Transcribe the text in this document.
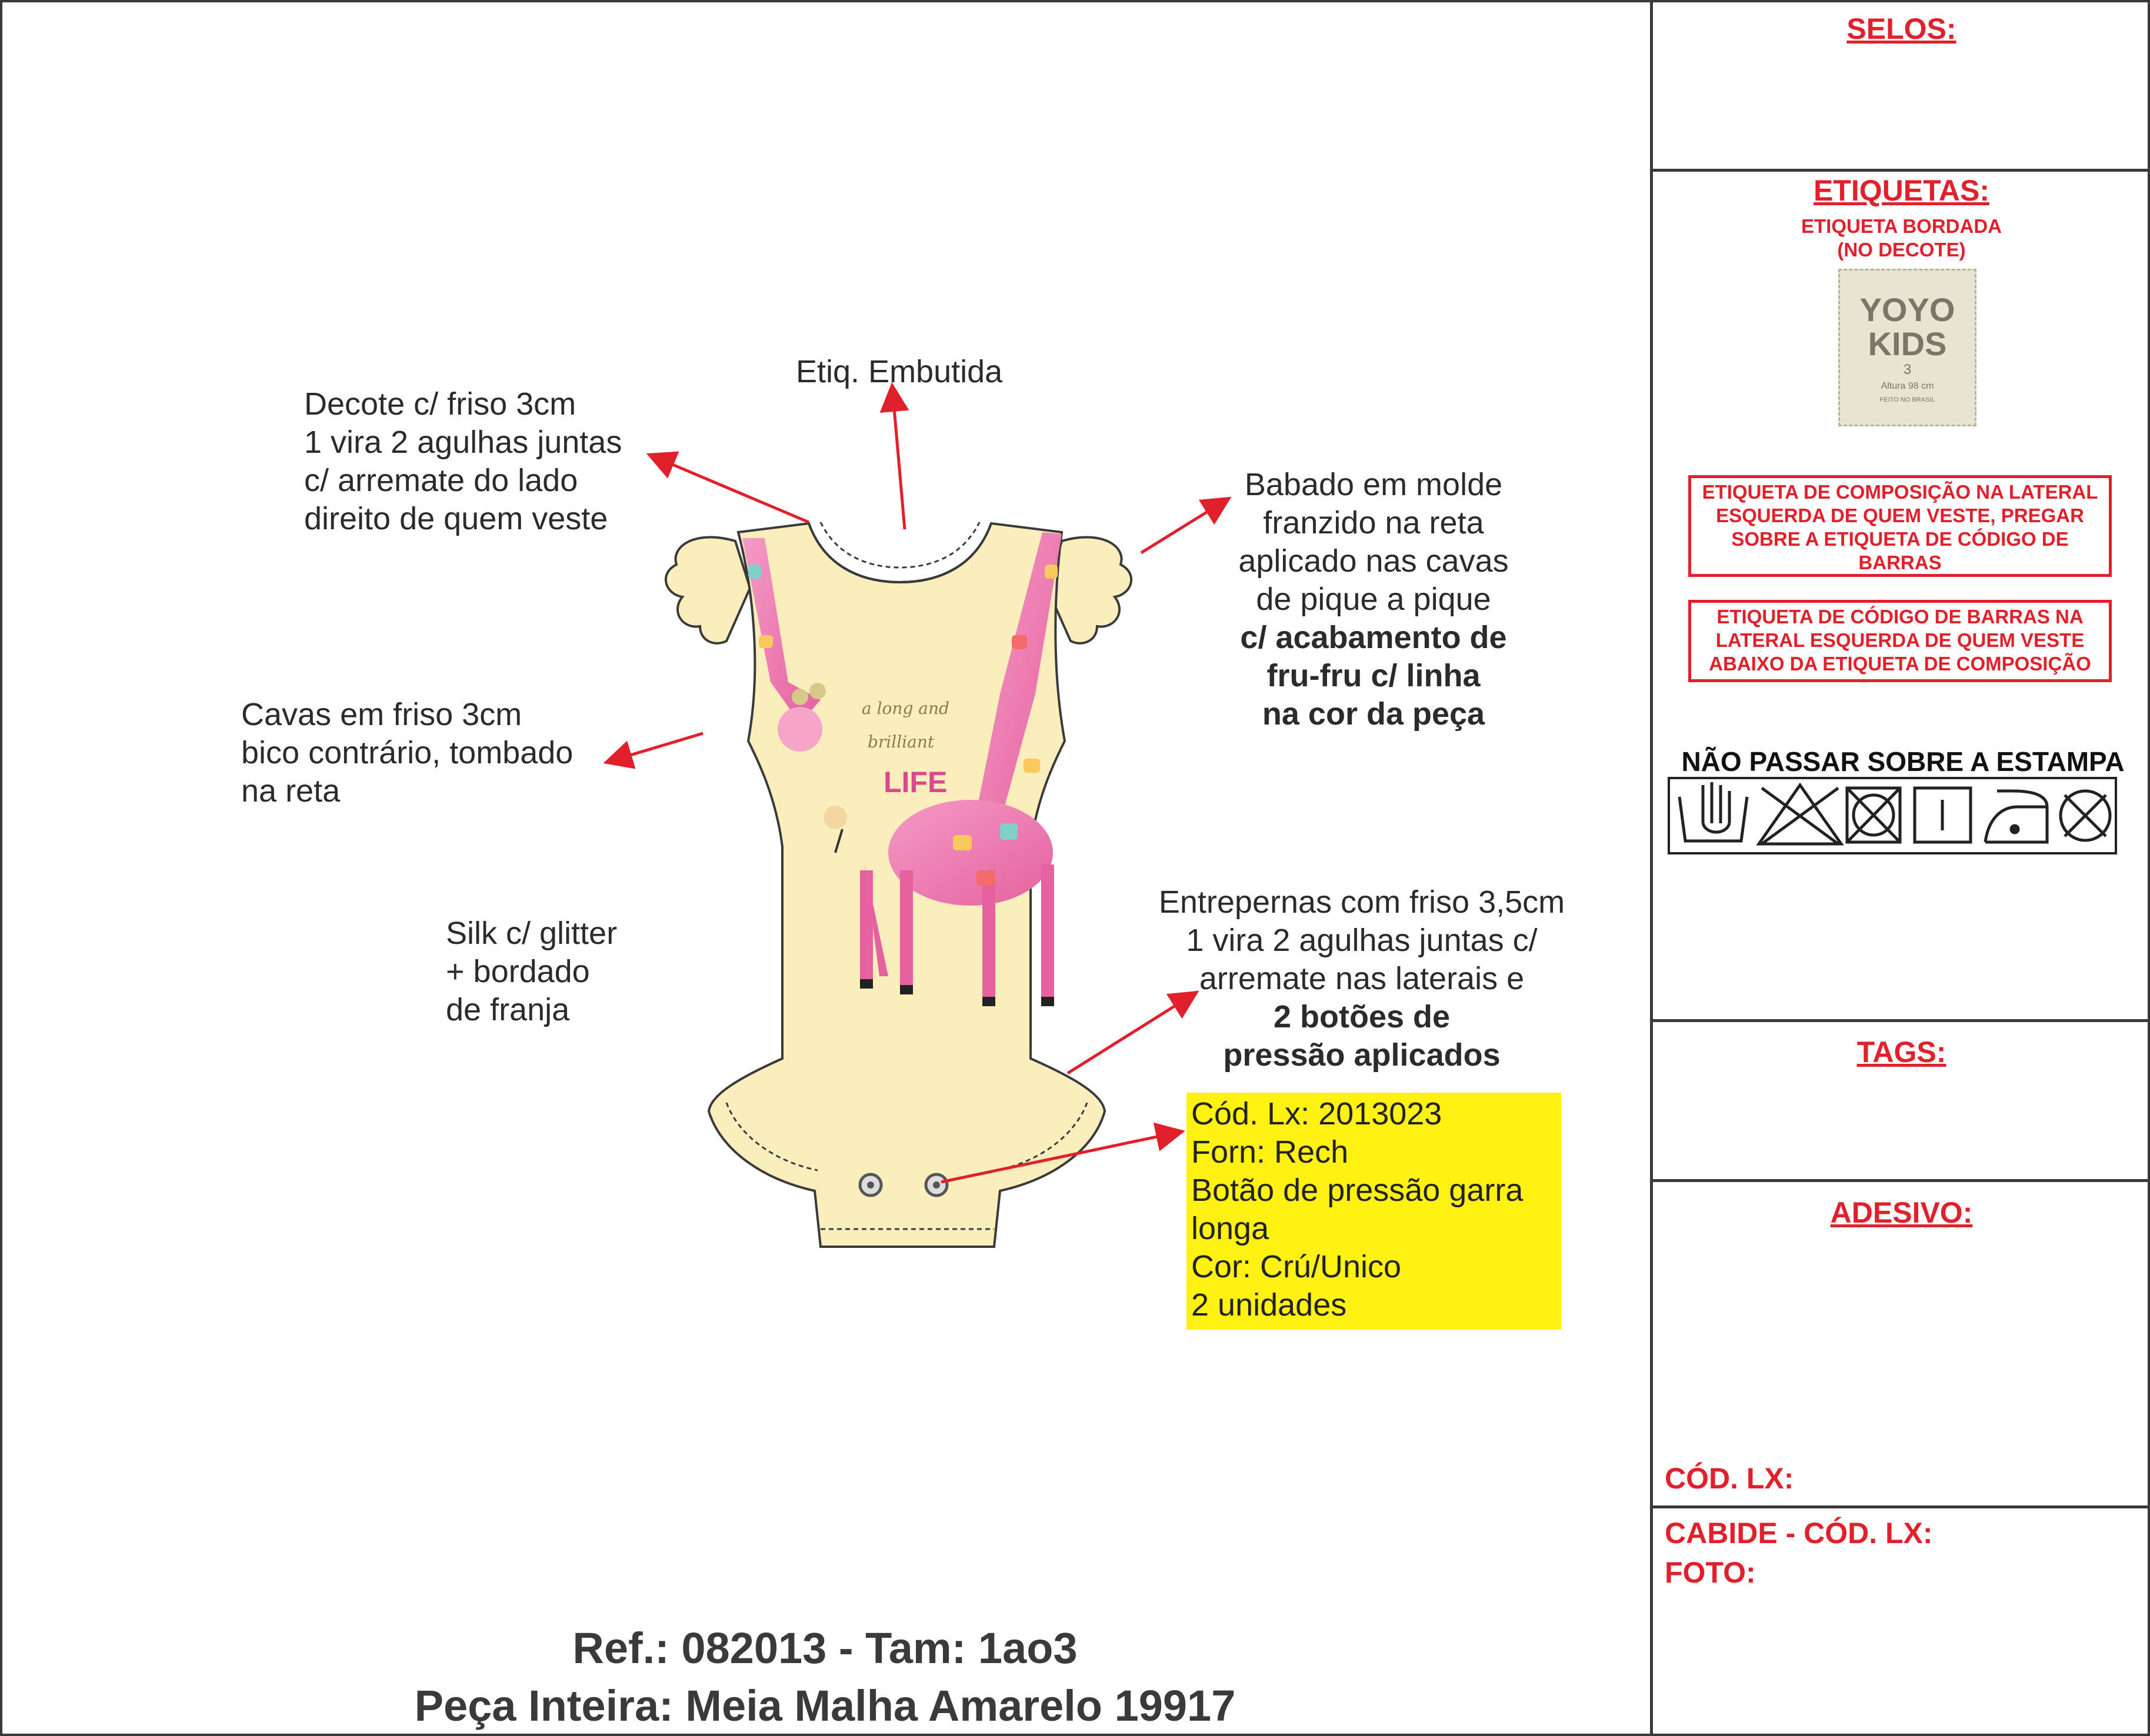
a long and
brilliant
LIFE
Etiq. Embutida
Decote c/ friso 3cm
1 vira 2 agulhas juntas
c/ arremate do lado
direito de quem veste
Babado em molde
franzido na reta
aplicado nas cavas
de pique a pique
c/ acabamento de
fru-fru c/ linha
na cor da peça
Cavas em friso 3cm
bico contrário, tombado
na reta
Silk c/ glitter
+ bordado
de franja
Entrepernas com friso 3,5cm
1 vira 2 agulhas juntas c/
arremate nas laterais e
2 botões de
pressão aplicados
Cód. Lx: 2013023
Forn: Rech
Botão de pressão garra
longa
Cor: Crú/Unico
2 unidades
Ref.: 082013 - Tam: 1ao3
Peça Inteira: Meia Malha Amarelo 19917
SELOS:
ETIQUETAS:
ETIQUETA BORDADA
(NO DECOTE)
YOYO
KIDS
3
Altura 98 cm
FEITO NO BRASIL
ETIQUETA DE COMPOSIÇÃO NA LATERAL ESQUERDA DE QUEM VESTE, PREGAR SOBRE A ETIQUETA DE CÓDIGO DE BARRAS
ETIQUETA DE CÓDIGO DE BARRAS NA LATERAL ESQUERDA DE QUEM VESTE ABAIXO DA ETIQUETA DE COMPOSIÇÃO
NÃO PASSAR SOBRE A ESTAMPA
TAGS:
ADESIVO:
CÓD. LX:
CABIDE - CÓD. LX:
FOTO:
